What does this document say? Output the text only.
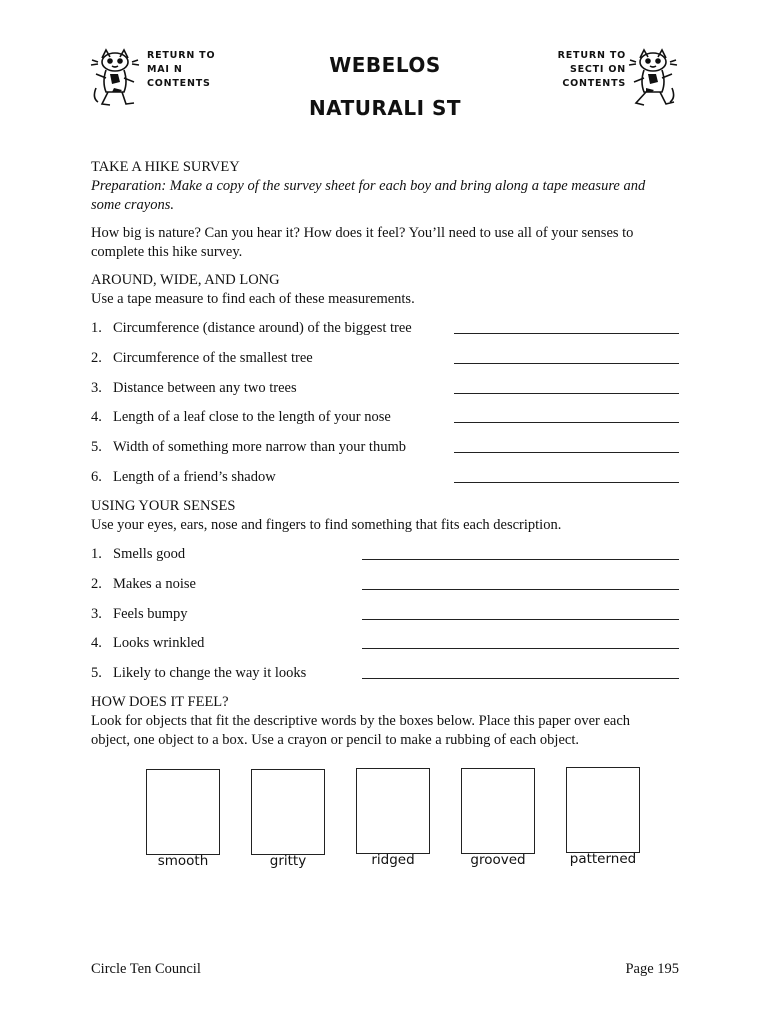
RETURN TO
MAI N
CONTENTS
WEBELOS
NATURALI ST
RETURN TO
SECTI ON
CONTENTS
TAKE A HIKE SURVEY
Preparation: Make a copy of the survey sheet for each boy and bring along a tape measure and
some crayons.
How big is nature? Can you hear it? How does it feel? You’ll need to use all of your senses to
complete this hike survey.
AROUND, WIDE, AND LONG
Use a tape measure to find each of these measurements.
1. Circumference (distance around) of the biggest tree
2. Circumference of the smallest tree
3. Distance between any two trees
4. Length of a leaf close to the length of your nose
5. Width of something more narrow than your thumb
6. Length of a friend’s shadow
USING YOUR SENSES
Use your eyes, ears, nose and fingers to find something that fits each description.
1. Smells good
2. Makes a noise
3. Feels bumpy
4. Looks wrinkled
5. Likely to change the way it looks
HOW DOES IT FEEL?
Look for objects that fit the descriptive words by the boxes below. Place this paper over each
object, one object to a box. Use a crayon or pencil to make a rubbing of each object.
smooth	gritty	ridged	grooved	patterned
Circle Ten Council	Page 195
